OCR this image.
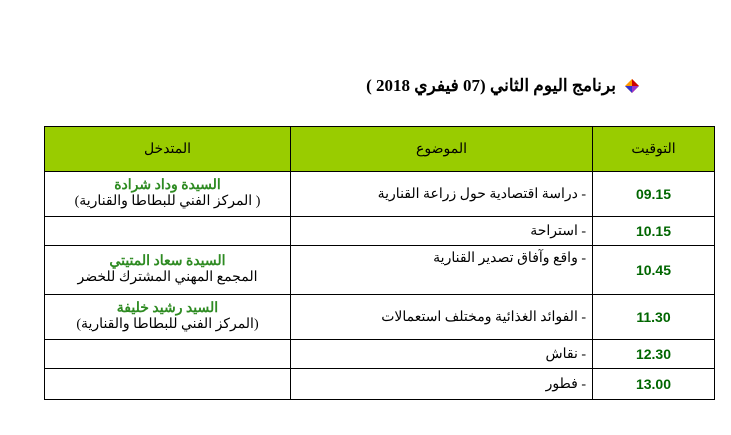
برنامج اليوم الثاني (07 فيفري 2018 )
التوقيت	الموضوع	المتدخل
09.15	- دراسة اقتصادية حول زراعة القنارية	السيدة وداد شرادة
( المركز الفني للبطاطا والقنارية)

10.15	- استراحة	

10.45	- واقع وآفاق تصدير القنارية	السيدة سعاد المتيتي
المجمع المهني المشترك للخضر

11.30	- الفوائد الغذائية ومختلف استعمالات	السيد رشيد خليفة
(المركز الفني للبطاطا والقنارية)

12.30	- نقاش	

13.00	- فطور	
